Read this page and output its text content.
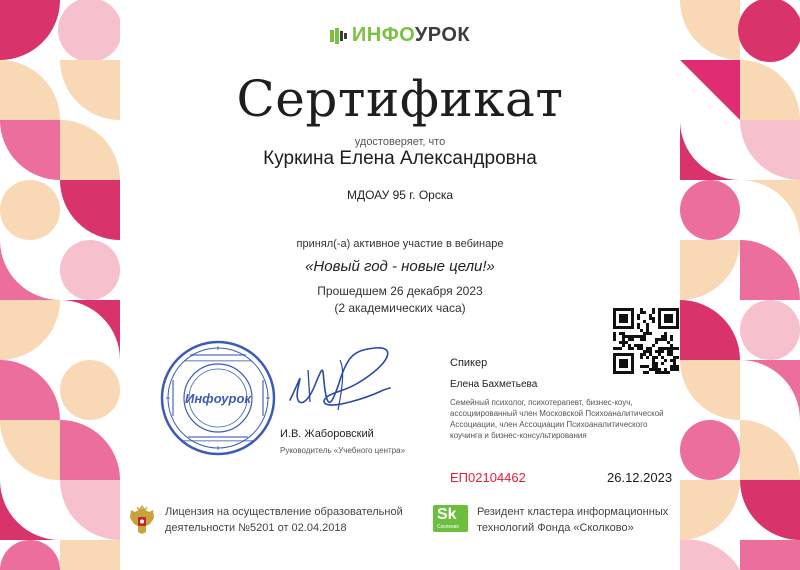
ИНФОУРОК
Сертификат
удостоверяет, что
Куркина Елена Александровна
МДОАУ 95 г. Орска
принял(-а) активное участие в вебинаре
«Новый год - новые цели!»
Прошедшем 26 декабря 2023
(2 академических часа)
Инфоурок
И.В. Жаборовский
Руководитель «Учебного центра»
Спикер
Елена Бахметьева
Семейный психолог, психотерапевт, бизнес-коуч, ассоциированный член Московской Психоаналитической Ассоциации, член Ассоциации Психоаналитического коучинга и бизнес-консультирования
ЕП02104462	26.12.2023
Лицензия на осуществление образовательной
деятельности №5201 от 02.04.2018
Sk
Сколково
Резидент кластера информационных
технологий Фонда «Сколково»
